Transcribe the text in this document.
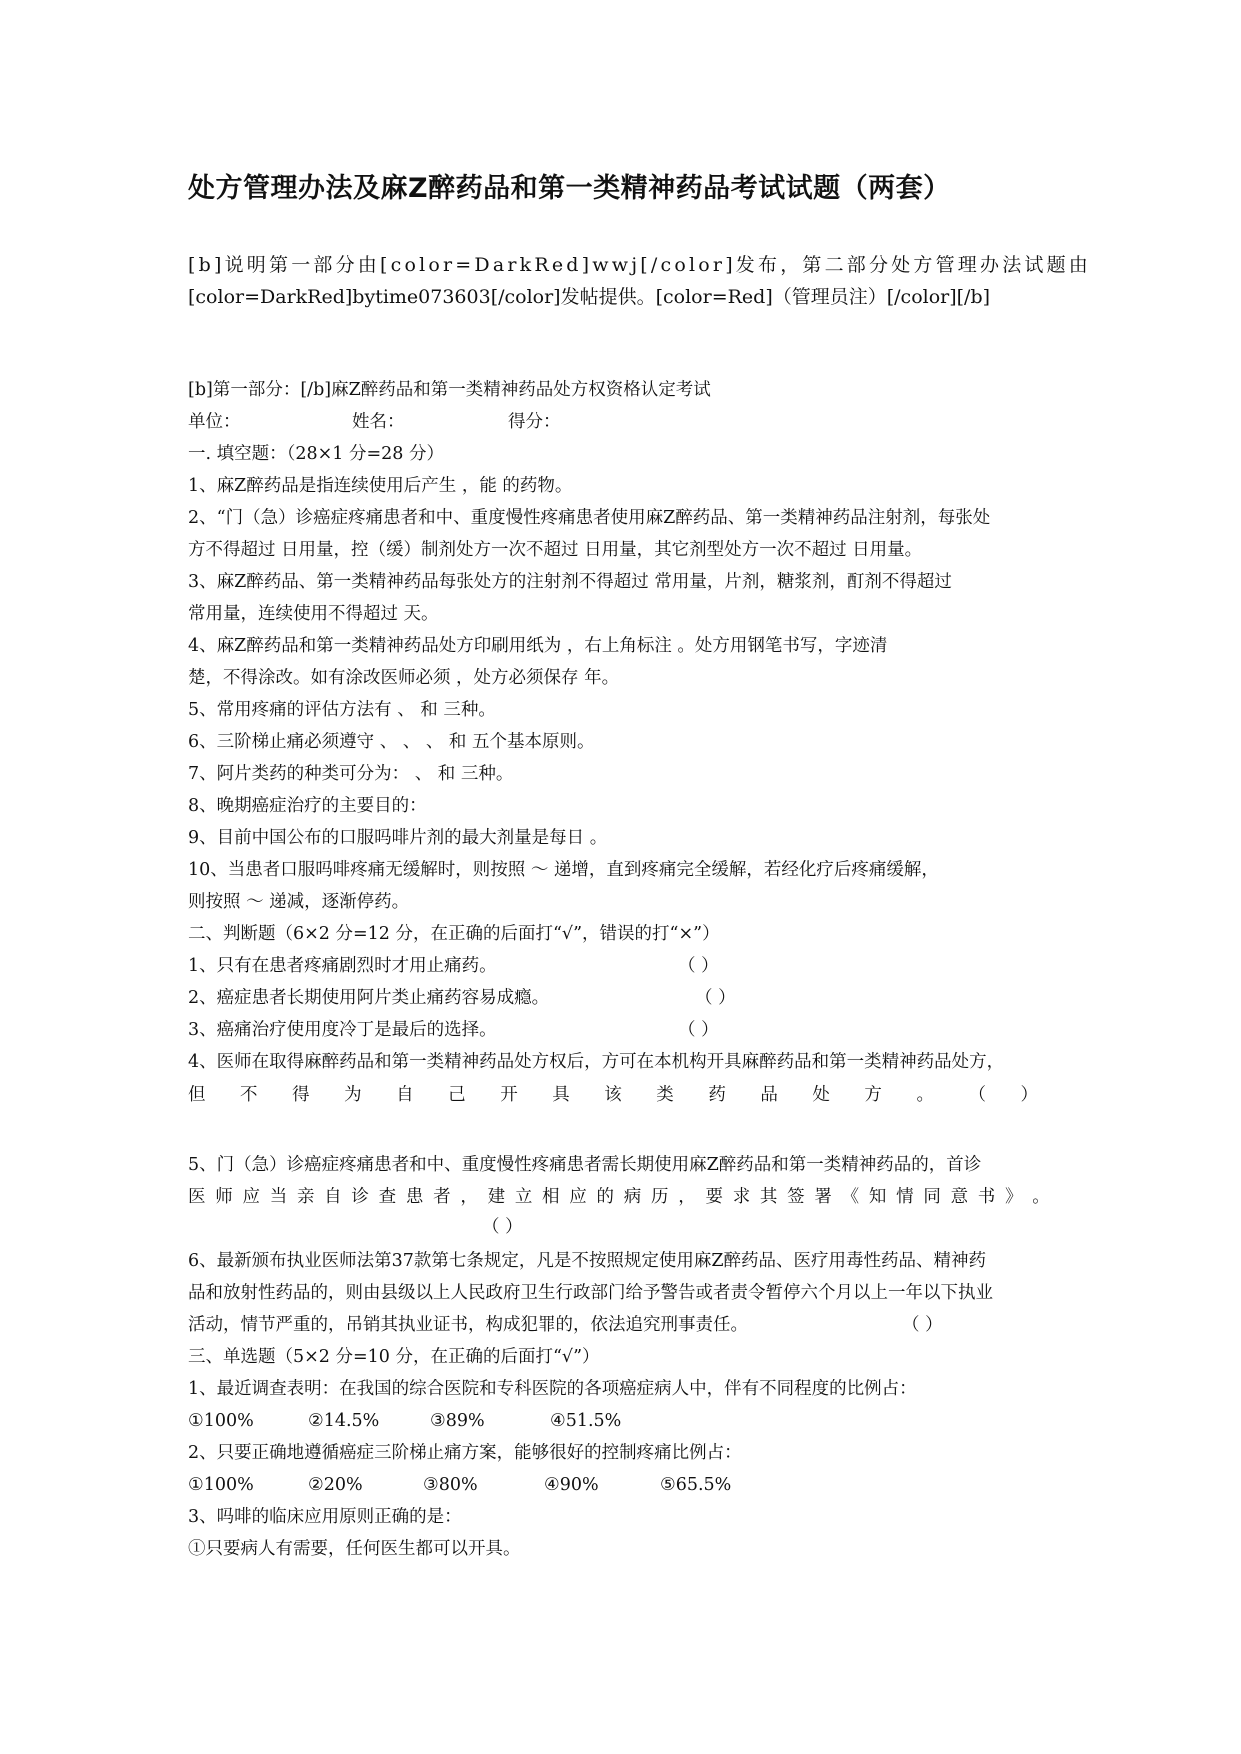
处方管理办法及麻Z醉药品和第一类精神药品考试试题（两套）
[b]说明第一部分由[color=DarkRed]wwj[/color]发布，第二部分处方管理办法试题由
[color=DarkRed]bytime073603[/color]发帖提供。[color=Red]（管理员注）[/color][/b]
[b]第一部分：[/b]麻Z醉药品和第一类精神药品处方权资格认定考试
单位：	姓名：	得分：
一. 填空题：（28×1 分=28 分）
1、麻Z醉药品是指连续使用后产生 ，能 的药物。
2、“门（急）诊癌症疼痛患者和中、重度慢性疼痛患者使用麻Z醉药品、第一类精神药品注射剂，每张处
方不得超过 日用量，控（缓）制剂处方一次不超过 日用量，其它剂型处方一次不超过 日用量。
3、麻Z醉药品、第一类精神药品每张处方的注射剂不得超过 常用量，片剂，糖浆剂，酊剂不得超过
常用量，连续使用不得超过 天。
4、麻Z醉药品和第一类精神药品处方印刷用纸为 ，右上角标注 。处方用钢笔书写，字迹清
楚，不得涂改。如有涂改医师必须 ，处方必须保存 年。
5、常用疼痛的评估方法有 、 和 三种。
6、三阶梯止痛必须遵守 、 、 、 和 五个基本原则。
7、阿片类药的种类可分为： 、 和 三种。
8、晚期癌症治疗的主要目的：
9、目前中国公布的口服吗啡片剂的最大剂量是每日 。
10、当患者口服吗啡疼痛无缓解时，则按照 ～ 递增，直到疼痛完全缓解，若经化疗后疼痛缓解，
则按照 ～ 递减，逐渐停药。
二、判断题（6×2 分=12 分，在正确的后面打“√”，错误的打“×”）
1、只有在患者疼痛剧烈时才用止痛药。	（ ）
2、癌症患者长期使用阿片类止痛药容易成瘾。	（ ）
3、癌痛治疗使用度冷丁是最后的选择。	（ ）
4、医师在取得麻醉药品和第一类精神药品处方权后，方可在本机构开具麻醉药品和第一类精神药品处方，
但 不 得 为 自 己 开 具 该 类 药 品 处 方 。 （ ）
5、门（急）诊癌症疼痛患者和中、重度慢性疼痛患者需长期使用麻Z醉药品和第一类精神药品的，首诊
医 师 应 当 亲 自 诊 查 患 者 ， 建 立 相 应 的 病 历 ， 要 求 其 签 署 《 知 情 同 意 书 》 。
（ ）
6、最新颁布执业医师法第37款第七条规定，凡是不按照规定使用麻Z醉药品、医疗用毒性药品、精神药
品和放射性药品的，则由县级以上人民政府卫生行政部门给予警告或者责令暂停六个月以上一年以下执业
活动，情节严重的，吊销其执业证书，构成犯罪的，依法追究刑事责任。	（ ）
三、单选题（5×2 分=10 分，在正确的后面打“√”）
1、最近调查表明：在我国的综合医院和专科医院的各项癌症病人中，伴有不同程度的比例占：
①100%	②14.5%	③89%	④51.5%
2、只要正确地遵循癌症三阶梯止痛方案，能够很好的控制疼痛比例占：
①100%	②20%	③80%	④90%	⑤65.5%
3、吗啡的临床应用原则正确的是：
①只要病人有需要，任何医生都可以开具。
